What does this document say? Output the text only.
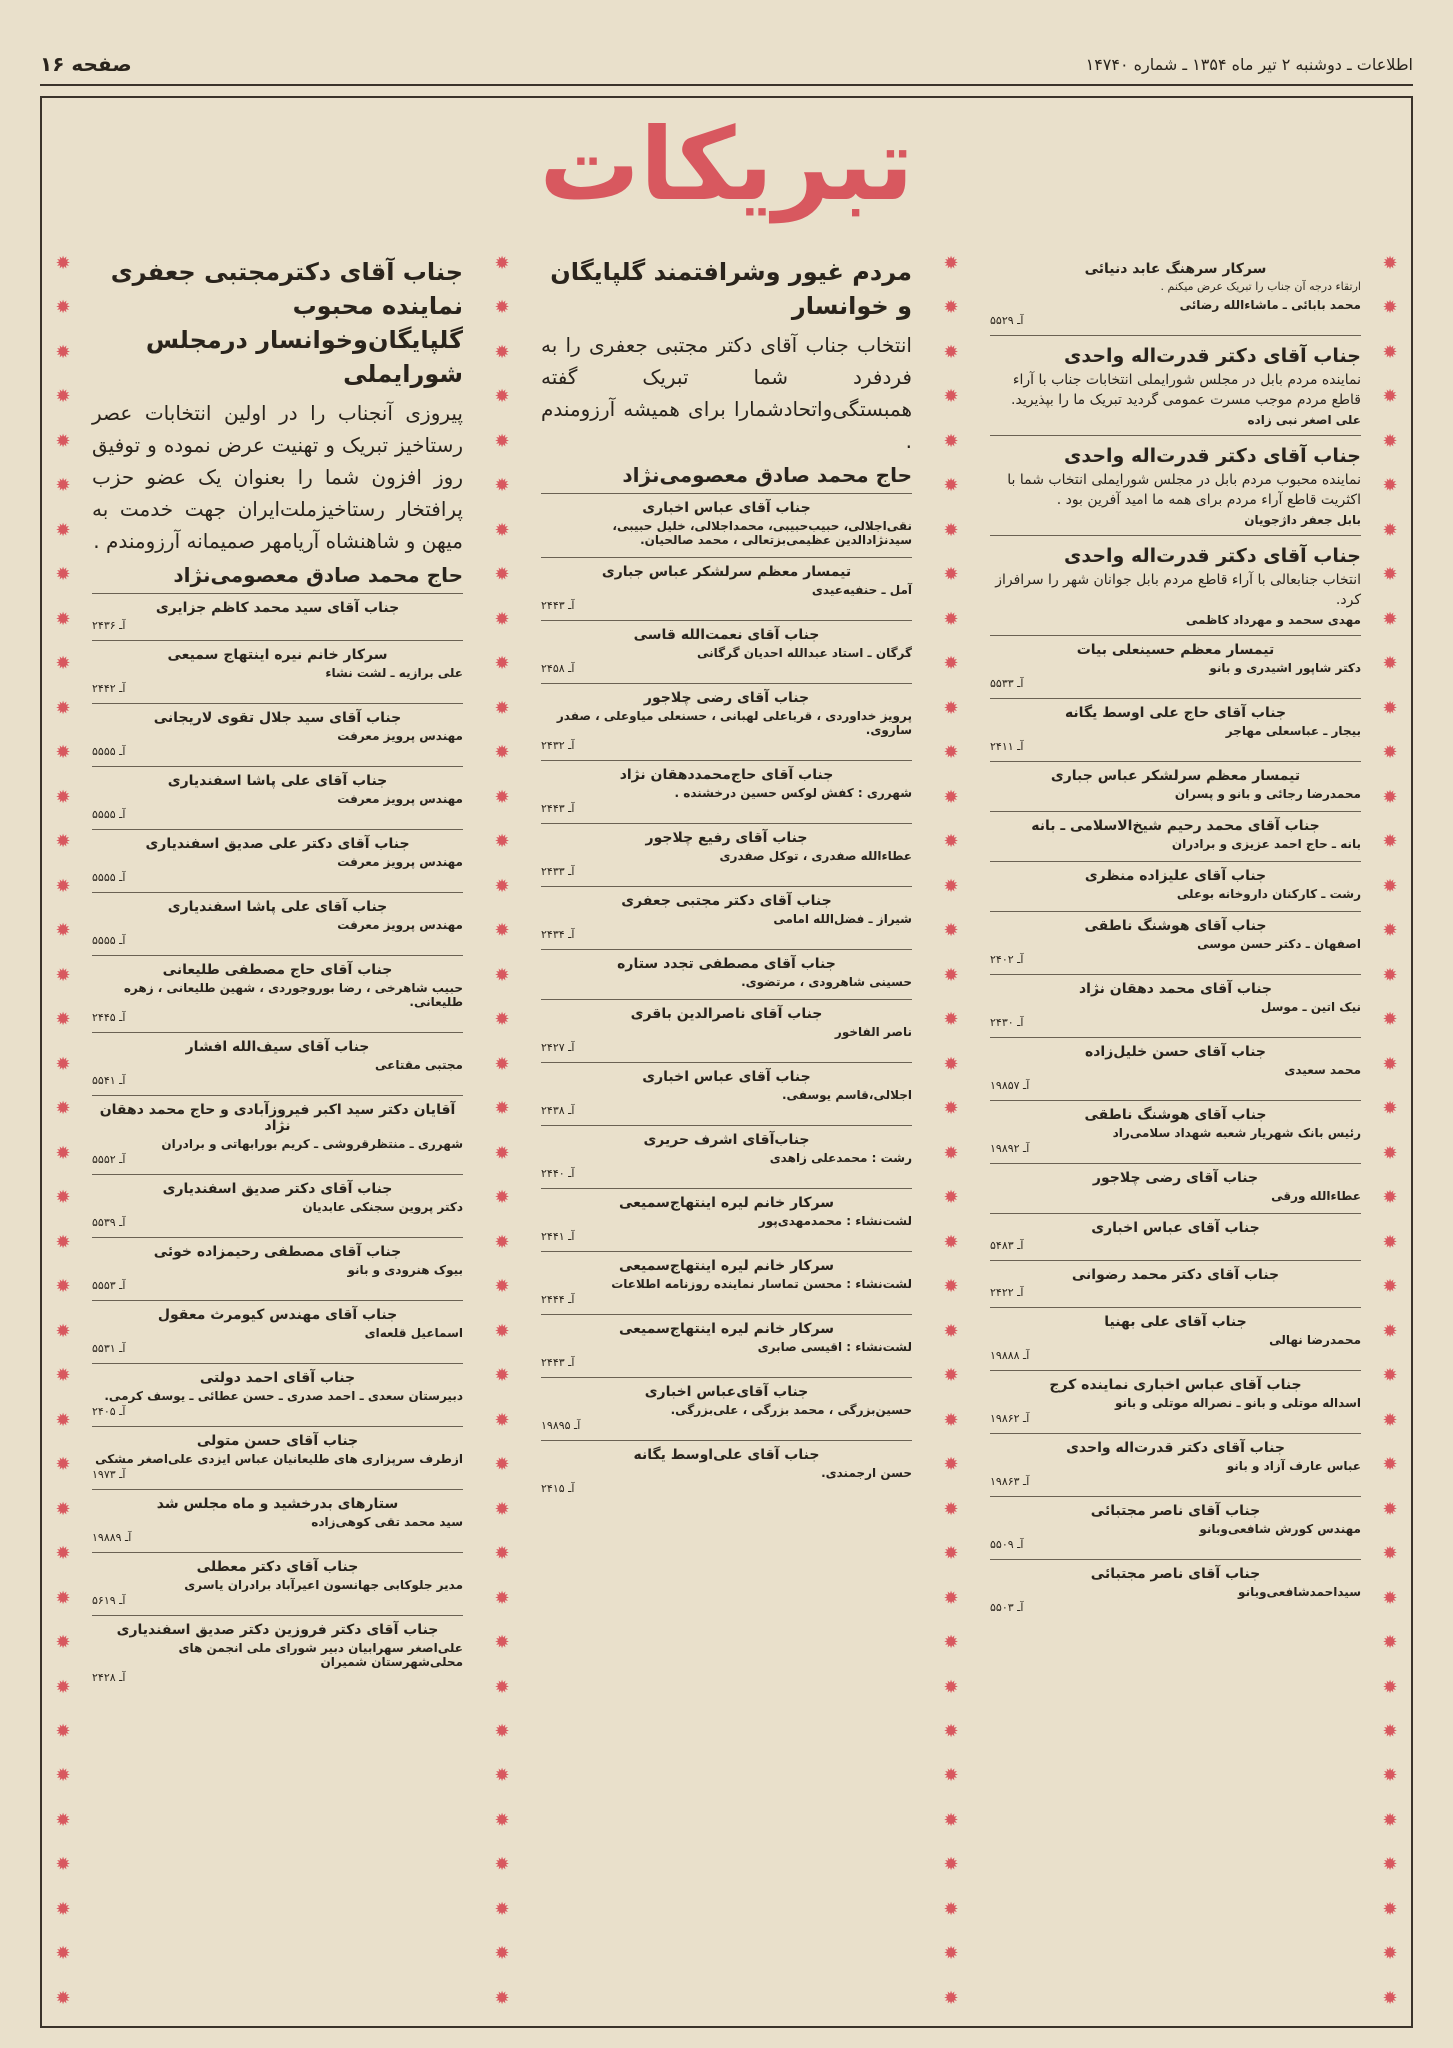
اطلاعات ـ دوشنبه ۲ تیر ماه ۱۳۵۴ ـ شماره ۱۴۷۴۰
صفحه ۱۶
تبریکات
✹
✹
✹
✹
✹
✹
✹
✹
✹
✹
✹
✹
✹
✹
✹
✹
✹
✹
✹
✹
✹
✹
✹
✹
✹
✹
✹
✹
✹
✹
✹
✹
✹
✹
✹
✹
✹
✹
✹
✹
✹
✹
✹
✹
✹
✹
✹
✹
✹
✹
✹
✹
✹
✹
✹
✹
✹
✹
✹
✹
✹
✹
✹
✹
✹
✹
✹
✹
✹
✹
✹
✹
✹
✹
✹
✹
✹
✹
✹
✹
سرکار سرهنگ عابد دنیائی
ارتقاء درجه آن جناب را تبریک عرض میکنم .
محمد بابائی ـ ماشاءالله رضائی
آـ ۵۵۲۹
جناب آقای دکتر قدرت‌اله واحدی
نماینده مردم بابل در مجلس شورایملی انتخابات جناب با آراء قاطع مردم موجب مسرت عمومی گردید تبریک ما را بپذیرید.
علی اصغر نبی زاده
جناب آقای دکتر قدرت‌اله واحدی
نماینده محبوب مردم بابل در مجلس شورایملی انتخاب شما با اکثریت قاطع آراء مردم برای همه ما امید آفرین بود .
بابل جعفر داژجویان
جناب آقای دکتر قدرت‌اله واحدی
انتخاب جنابعالی با آراء قاطع مردم بابل جوانان شهر را سرافراز کرد.
مهدی سحمد و مهرداد کاظمی
تیمسار معظم حسینعلی بیات
دکتر شاپور اشیدری و بانو
آـ ۵۵۳۳
جناب آقای حاج علی اوسط یگانه
بیجار ـ عباسعلی مهاجر
آـ ۲۴۱۱
تیمسار معظم سرلشکر عباس جباری
محمدرضا رجائی و بانو و پسران
جناب آقای محمد رحیم شیخ‌الاسلامی ـ بانه
بانه ـ حاج احمد عزیزی و برادران
جناب آقای علیزاده منظری
رشت ـ کارکنان داروخانه بوعلی
جناب آقای هوشنگ ناطقی
اصفهان ـ دکتر حسن موسی
آـ ۲۴۰۲
جناب آقای محمد دهقان نژاد
نیک اتین ـ موسل
آـ ۲۴۳۰
جناب آقای حسن خلیل‌زاده
محمد سعیدی
آـ ۱۹۸۵۷
جناب آقای هوشنگ ناطقی
رئیس بانک شهریار شعبه شهداد سلامی‌راد
آـ ۱۹۸۹۲
جناب آقای رضی چلاجور
عطاءالله ورقی
جناب آقای عباس اخباری
آـ ۵۴۸۳
جناب آقای دکتر محمد رضوانی
آـ ۲۴۲۲
جناب آقای علی بهنیا
محمدرضا نهالی
آـ ۱۹۸۸۸
جناب آقای عباس اخباری نماینده کرج
اسداله موتلی و بانو ـ نصراله موتلی و بانو
آـ ۱۹۸۶۲
جناب آقای دکتر قدرت‌اله واحدی
عباس عارف آزاد و بانو
آـ ۱۹۸۶۳
جناب آقای ناصر مجتبائی
مهندس کورش شافعی‌وبانو
آـ ۵۵۰۹
جناب آقای ناصر مجتبائی
سیداحمدشافعی‌وبانو
آـ ۵۵۰۳
✹
✹
✹
✹
✹
✹
✹
✹
✹
✹
✹
✹
✹
✹
✹
✹
✹
✹
✹
✹
✹
✹
✹
✹
✹
✹
✹
✹
✹
✹
✹
✹
✹
✹
✹
✹
✹
✹
✹
✹
مردم غیور وشرافتمند گلپایگان و خوانسار
انتخاب جناب آقای دکتر مجتبی جعفری را به فردفرد شما تبریک گفته همبستگی‌واتحادشمارا برای همیشه آرزومندم .
حاج محمد صادق معصومی‌نژاد
جناب آقای عباس اخباری
نقی‌اجلالی، حبیب‌حبیبی، محمداجلالی، خلیل حبیبی، سیدنژادالدین عظیمی‌بزتعالی ، محمد صالحیان.
تیمسار معظم سرلشکر عباس جباری
آمل ـ حنفیه‌عیدی
آـ ۲۴۴۳
جناب آقای نعمت‌الله قاسی
گرگان ـ استاد عبدالله احدیان گرگانی
آـ ۲۴۵۸
جناب آقای رضی چلاجور
پرویز خداوردی ، قرباعلی لهبانی ، حسنعلی میاوعلی ، صفدر ساروی.
آـ ۲۴۳۲
جناب آقای حاج‌محمددهقان نژاد
شهرری : کفش لوکس حسین درخشنده .
آـ ۲۴۴۳
جناب آقای رفیع چلاجور
عطاءالله صفدری ، توکل صفدری
آـ ۲۴۳۳
جناب آقای دکتر مجتبی جعفری
شیراز ـ فضل‌الله امامی
آـ ۲۴۳۴
جناب آقای مصطفی تجدد ستاره
حسینی شاهرودی ، مرتضوی.
جناب آقای ناصرالدین باقری
ناصر الفاخور
آـ ۲۴۲۷
جناب آقای عباس اخباری
اجلالی،قاسم یوسفی.
آـ ۲۴۳۸
جناب‌آقای اشرف حریری
رشت : محمدعلی زاهدی
آـ ۲۴۴۰
سرکار خانم لیره اینتهاج‌سمیعی
لشت‌نشاء : محمدمهدی‌پور
آـ ۲۴۴۱
سرکار خانم لیره اینتهاج‌سمیعی
لشت‌نشاء : محسن تماسار نماینده روزنامه اطلاعات
آـ ۲۴۴۴
سرکار خانم لیره اینتهاج‌سمیعی
لشت‌نشاء : اقیسی صابری
آـ ۲۴۴۳
جناب آقای‌عباس اخباری
حسین‌بزرگی ، محمد بزرگی ، علی‌بزرگی.
آـ ۱۹۸۹۵
جناب آقای علی‌اوسط یگانه
حسن ارجمندی.
آـ ۲۴۱۵
✹
✹
✹
✹
✹
✹
✹
✹
✹
✹
✹
✹
✹
✹
✹
✹
✹
✹
✹
✹
✹
✹
✹
✹
✹
✹
✹
✹
✹
✹
✹
✹
✹
✹
✹
✹
✹
✹
✹
✹
جناب آقای دکترمجتبی جعفری نماینده محبوب گلپایگان‌وخوانسار درمجلس شورایملی
پیروزی آنجناب را در اولین انتخابات عصر رستاخیز تبریک و تهنیت عرض نموده و توفیق روز افزون شما را بعنوان یک عضو حزب پرافتخار رستاخیزملت‌ایران جهت خدمت به میهن و شاهنشاه آریامهر صمیمانه آرزومندم .
حاج محمد صادق معصومی‌نژاد
جناب آقای سید محمد کاظم جزایری
آـ ۲۴۳۶
سرکار خانم نیره اینتهاج سمیعی
علی برازیه ـ لشت نشاء
آـ ۲۴۴۲
جناب آقای سید جلال تقوی لاریجانی
مهندس پرویز معرفت
آـ ۵۵۵۵
جناب آقای علی پاشا اسفندیاری
مهندس پرویز معرفت
آـ ۵۵۵۵
جناب آقای دکتر علی صدیق اسفندیاری
مهندس پرویز معرفت
آـ ۵۵۵۵
جناب آقای علی پاشا اسفندیاری
مهندس پرویز معرفت
آـ ۵۵۵۵
جناب آقای حاج مصطفی طلیعانی
حبیب شاهرخی ، رضا بوروجوردی ، شهین طلیعانی ، زهره طلیعانی.
آـ ۲۴۴۵
جناب آقای سیف‌الله افشار
مجتبی مقتاعی
آـ ۵۵۴۱
آقایان دکتر سید اکبر فیروزآبادی و حاج محمد دهقان نژاد
شهرری ـ منتظرقروشی ـ کریم بورابهاتی و برادران
آـ ۵۵۵۲
جناب آقای دکتر صدیق اسفندیاری
دکتر پروین سجنکی عابدیان
آـ ۵۵۳۹
جناب آقای مصطفی رحیمزاده خوئی
بیوک هنرودی و بانو
آـ ۵۵۵۳
جناب آقای مهندس کیومرث معقول
اسماعیل قلعه‌ای
آـ ۵۵۳۱
جناب آقای احمد دولتی
دبیرستان سعدی ـ احمد صدری ـ حسن عطائی ـ یوسف کرمی.
آـ ۲۴۰۵
جناب آقای حسن متولی
ازطرف سرپزاری های طلیعانیان عباس ایزدی علی‌اصغر مشکی
آـ ۱۹۷۳
ستارهای بدرخشید و ماه مجلس شد
سید محمد تقی کوهی‌زاده
آـ ۱۹۸۸۹
جناب آقای دکتر معطلی
مدیر جلوکابی جهانسون اعیرآباد برادران یاسری
آـ ۵۶۱۹
جناب آقای دکتر فروزین دکتر صدیق اسفندیاری
علی‌اصغر سهرابیان دبیر شورای ملی انجمن های محلی‌شهرستان شمیران
آـ ۲۴۲۸
